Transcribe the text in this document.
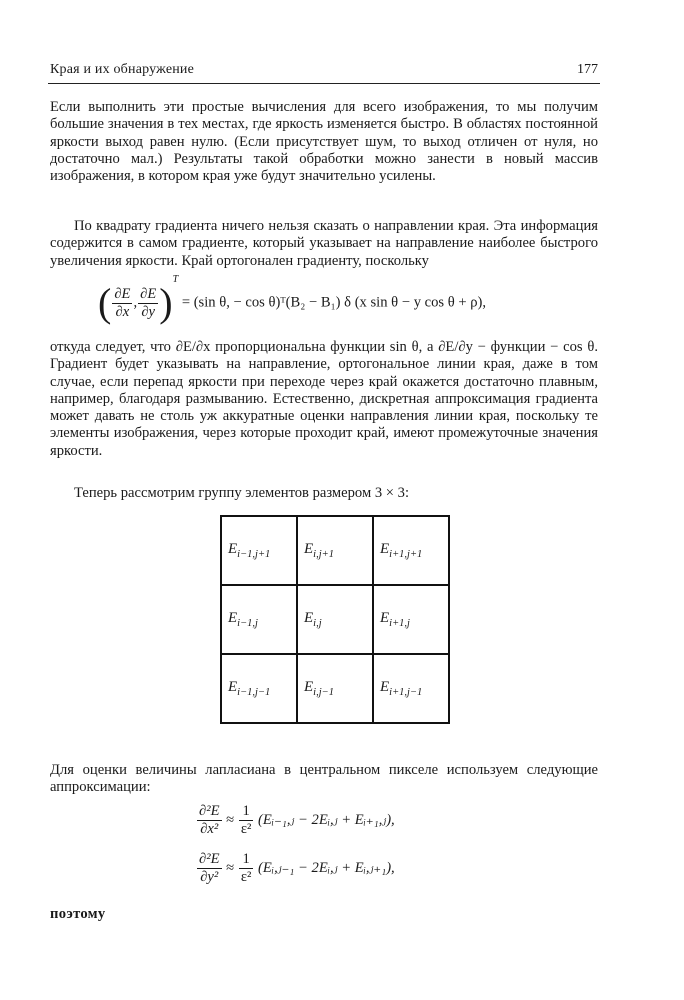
Края и их обнаружение	177

Если выполнить эти простые вычисления для всего изображения, то мы получим большие значения в тех местах, где яркость изменяется быстро. В областях постоянной яркости выход равен нулю. (Если присутствует шум, то выход отличен от нуля, но достаточно мал.) Результаты такой обработки можно занести в новый массив изображения, в котором края уже будут значительно усилены.

По квадрату градиента ничего нельзя сказать о направлении края. Эта информация содержится в самом градиенте, который указывает на направление наиболее быстрого увеличения яркости. Край ортогонален градиенту, поскольку

( $\frac{\partial E}{\partial x}$ , $\frac{\partial E}{\partial y} )^T = (\sin$ θ, − cos θ)ᵀ(B₂ − B₁) δ (x sin θ − y cos θ + ρ),

откуда следует, что ∂E/∂x пропорциональна функции sin θ, а ∂E/∂y − функции − cos θ. Градиент будет указывать на направление, ортогональное линии края, даже в том случае, если перепад яркости при переходе через край окажется достаточно плавным, например, благодаря размыванию. Естественно, дискретная аппроксимация градиента может давать не столь уж аккуратные оценки направления линии края, поскольку те элементы изображения, через которые проходит край, имеют промежуточные значения яркости.

Теперь рассмотрим группу элементов размером 3 × 3:

$E_{i-1,j+1}$	$E_{i,j+1}$	$E_{i+1,j+1}$
$E_{i-1,j}$	$E_{i,j}$	$E_{i+1,j}$
$E_{i-1,j-1}$	$E_{i,j-1}$	$E_{i+1,j-1}$

Для оценки величины лапласиана в центральном пикселе используем следующие аппроксимации:

$\frac{\text{∂²E}}{\text{∂x²}} \approx \frac{1}{\text{ε²}}$ (Eᵢ₋₁,ⱼ − 2Eᵢ,ⱼ + Eᵢ₊₁,ⱼ),
$\frac{\text{∂²E}}{\text{∂y²}} \approx \frac{1}{\text{ε²}}$ (Eᵢ,ⱼ₋₁ − 2Eᵢ,ⱼ + Eᵢ,ⱼ₊₁),
поэтому
